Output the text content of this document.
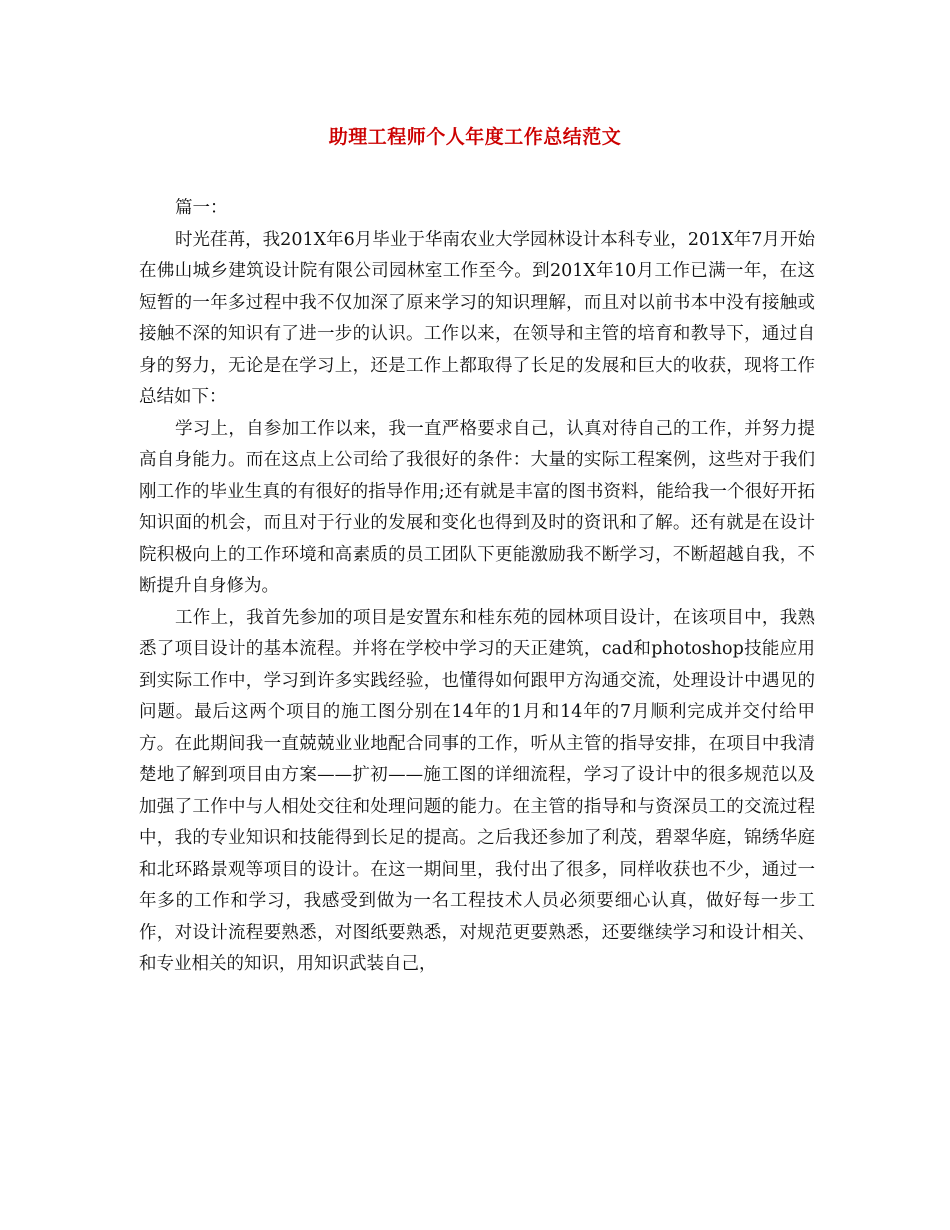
助理工程师个人年度工作总结范文

篇一：

时光荏苒，我201X年6月毕业于华南农业大学园林设计本科专业，201X年7月开始在佛山城乡建筑设计院有限公司园林室工作至今。到201X年10月工作已满一年，在这短暂的一年多过程中我不仅加深了原来学习的知识理解，而且对以前书本中没有接触或接触不深的知识有了进一步的认识。工作以来，在领导和主管的培育和教导下，通过自身的努力，无论是在学习上，还是工作上都取得了长足的发展和巨大的收获，现将工作总结如下：

学习上，自参加工作以来，我一直严格要求自己，认真对待自己的工作，并努力提高自身能力。而在这点上公司给了我很好的条件：大量的实际工程案例，这些对于我们刚工作的毕业生真的有很好的指导作用;还有就是丰富的图书资料，能给我一个很好开拓知识面的机会，而且对于行业的发展和变化也得到及时的资讯和了解。还有就是在设计院积极向上的工作环境和高素质的员工团队下更能激励我不断学习，不断超越自我，不断提升自身修为。

工作上，我首先参加的项目是安置东和桂东苑的园林项目设计，在该项目中，我熟悉了项目设计的基本流程。并将在学校中学习的天正建筑，cad和photoshop技能应用到实际工作中，学习到许多实践经验，也懂得如何跟甲方沟通交流，处理设计中遇见的问题。最后这两个项目的施工图分别在14年的1月和14年的7月顺利完成并交付给甲方。在此期间我一直兢兢业业地配合同事的工作，听从主管的指导安排，在项目中我清楚地了解到项目由方案——扩初——施工图的详细流程，学习了设计中的很多规范以及加强了工作中与人相处交往和处理问题的能力。在主管的指导和与资深员工的交流过程中，我的专业知识和技能得到长足的提高。之后我还参加了利茂，碧翠华庭，锦绣华庭和北环路景观等项目的设计。在这一期间里，我付出了很多，同样收获也不少，通过一年多的工作和学习，我感受到做为一名工程技术人员必须要细心认真，做好每一步工作，对设计流程要熟悉，对图纸要熟悉，对规范更要熟悉，还要继续学习和设计相关、和专业相关的知识，用知识武装自己，
